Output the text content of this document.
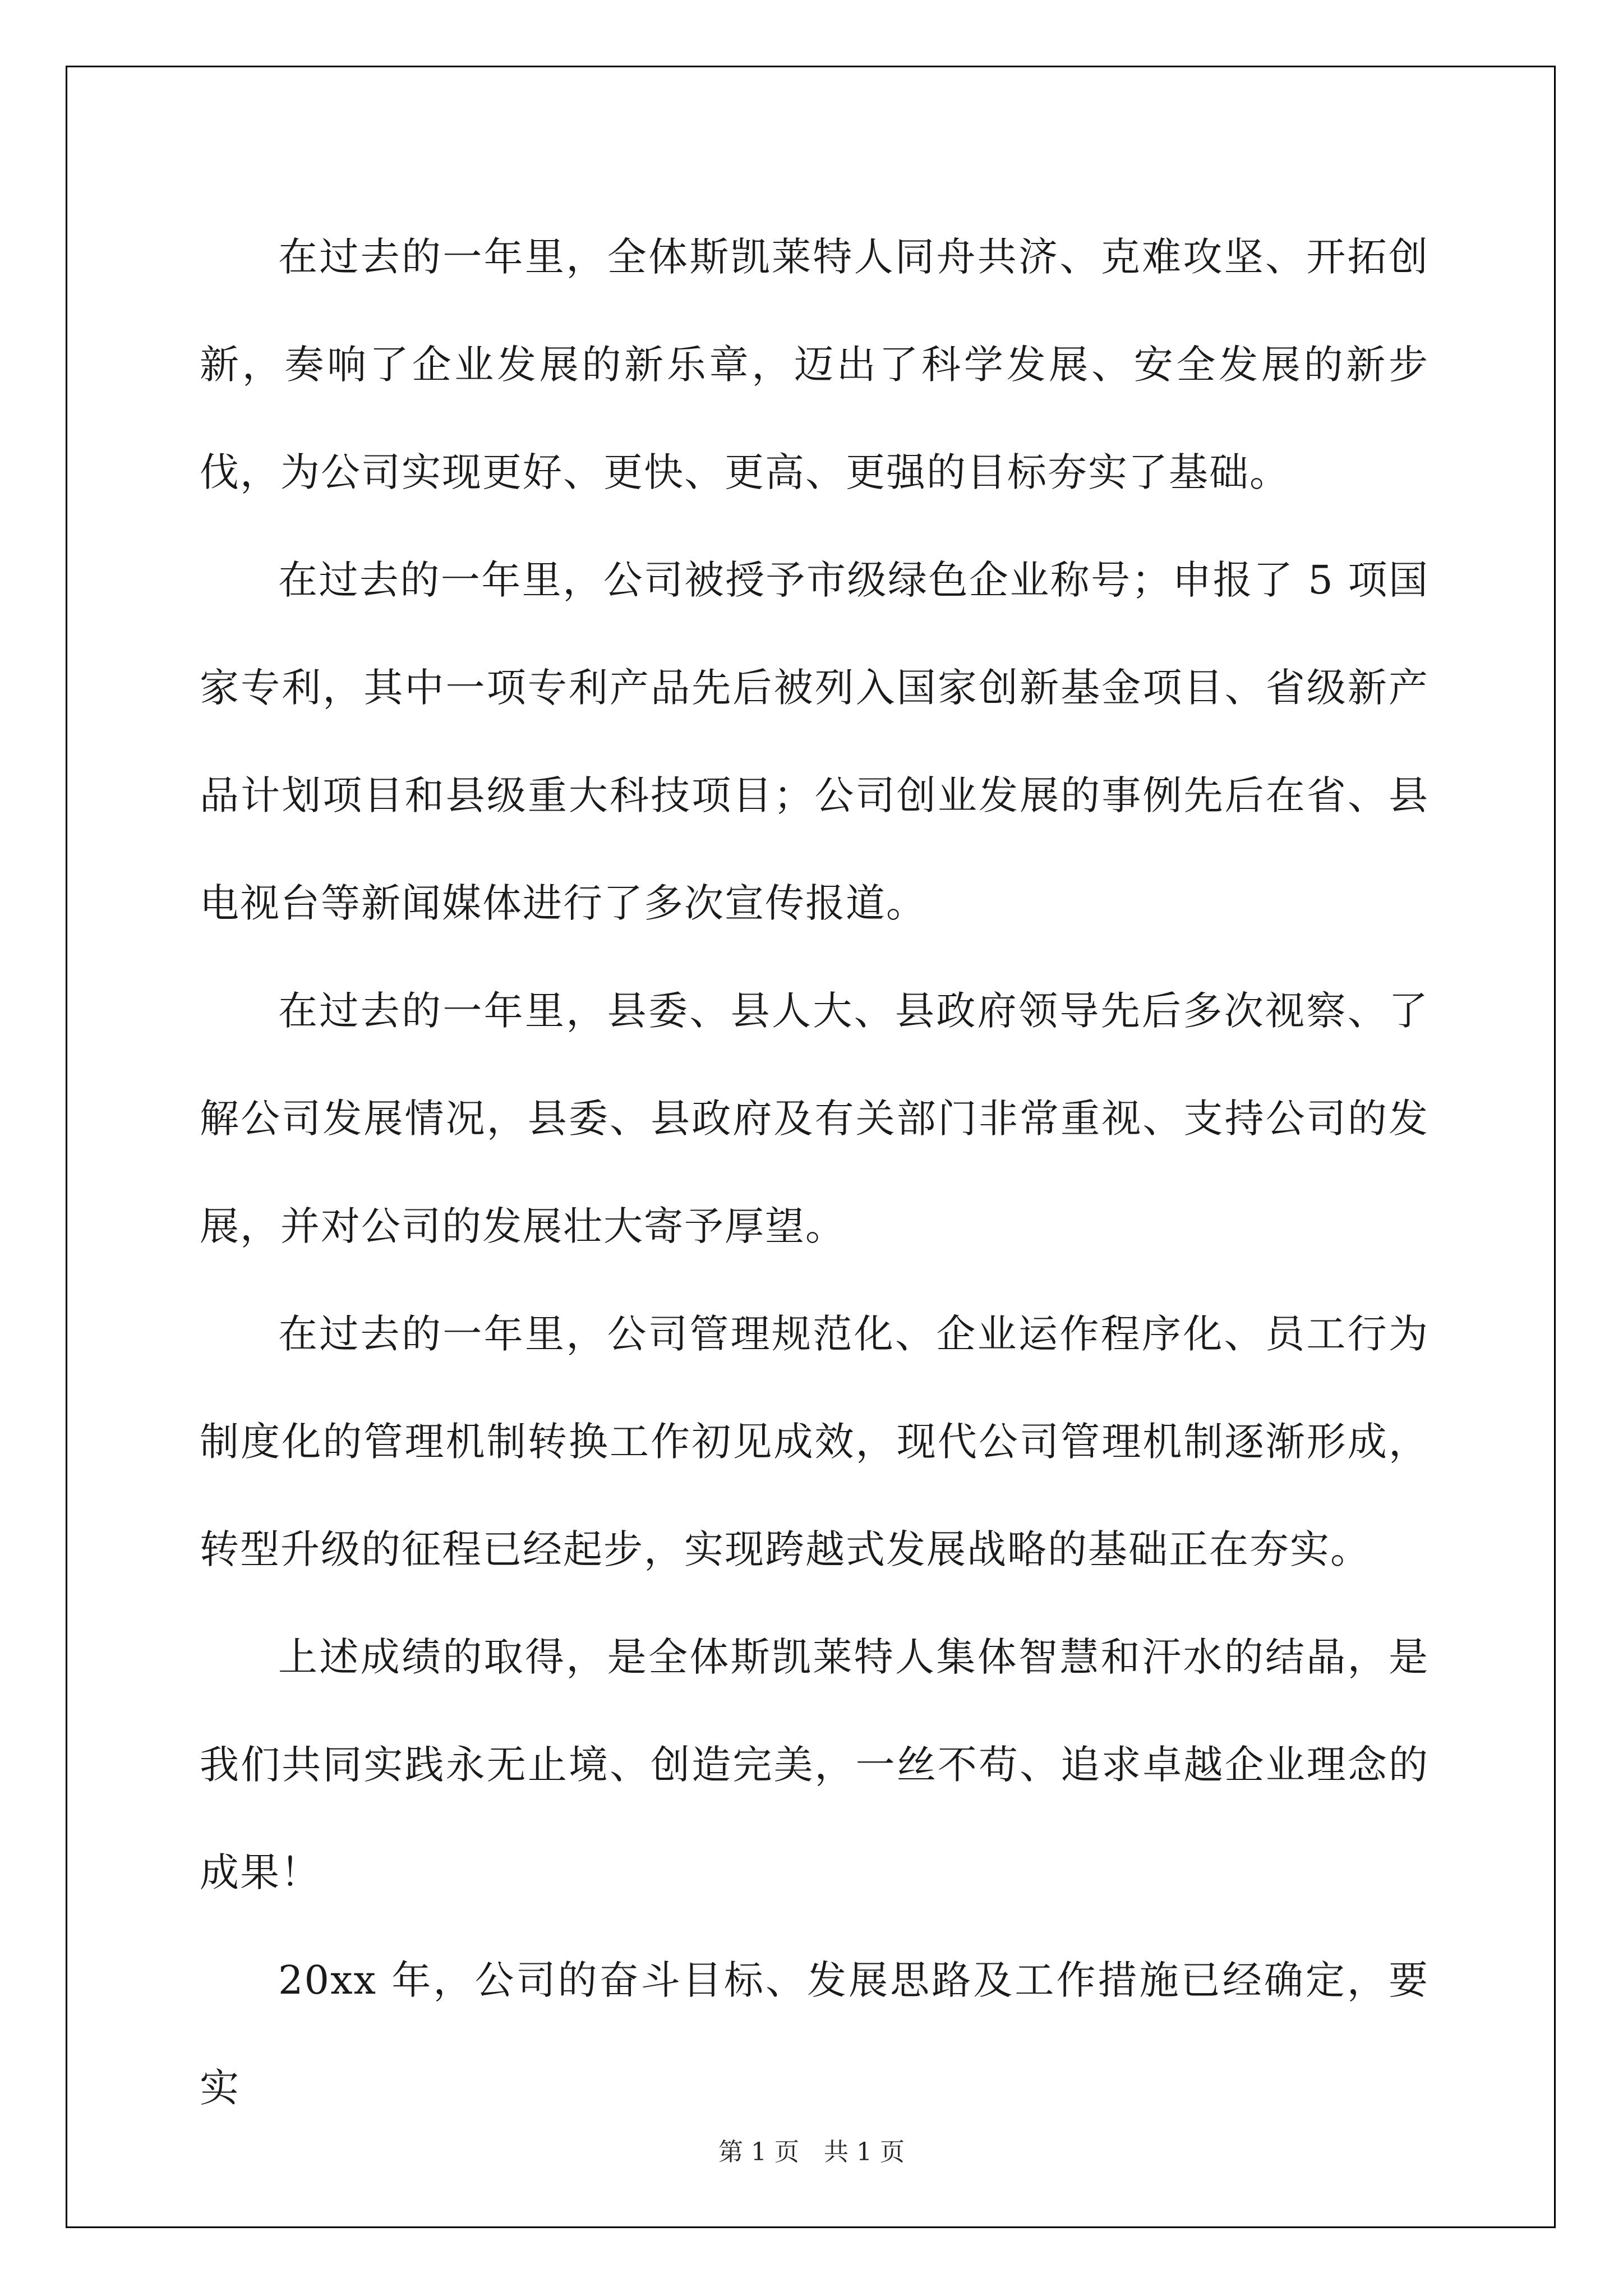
在过去的一年里，全体斯凯莱特人同舟共济、克难攻坚、开拓创新，奏响了企业发展的新乐章，迈出了科学发展、安全发展的新步伐，为公司实现更好、更快、更高、更强的目标夯实了基础。

在过去的一年里，公司被授予市级绿色企业称号；申报了 5 项国家专利，其中一项专利产品先后被列入国家创新基金项目、省级新产品计划项目和县级重大科技项目；公司创业发展的事例先后在省、县电视台等新闻媒体进行了多次宣传报道。

在过去的一年里，县委、县人大、县政府领导先后多次视察、了解公司发展情况，县委、县政府及有关部门非常重视、支持公司的发展，并对公司的发展壮大寄予厚望。

在过去的一年里，公司管理规范化、企业运作程序化、员工行为制度化的管理机制转换工作初见成效，现代公司管理机制逐渐形成，转型升级的征程已经起步，实现跨越式发展战略的基础正在夯实。

上述成绩的取得，是全体斯凯莱特人集体智慧和汗水的结晶，是我们共同实践永无止境、创造完美，一丝不苟、追求卓越企业理念的成果！

20xx 年，公司的奋斗目标、发展思路及工作措施已经确定，要实

第 1 页 共 1 页
